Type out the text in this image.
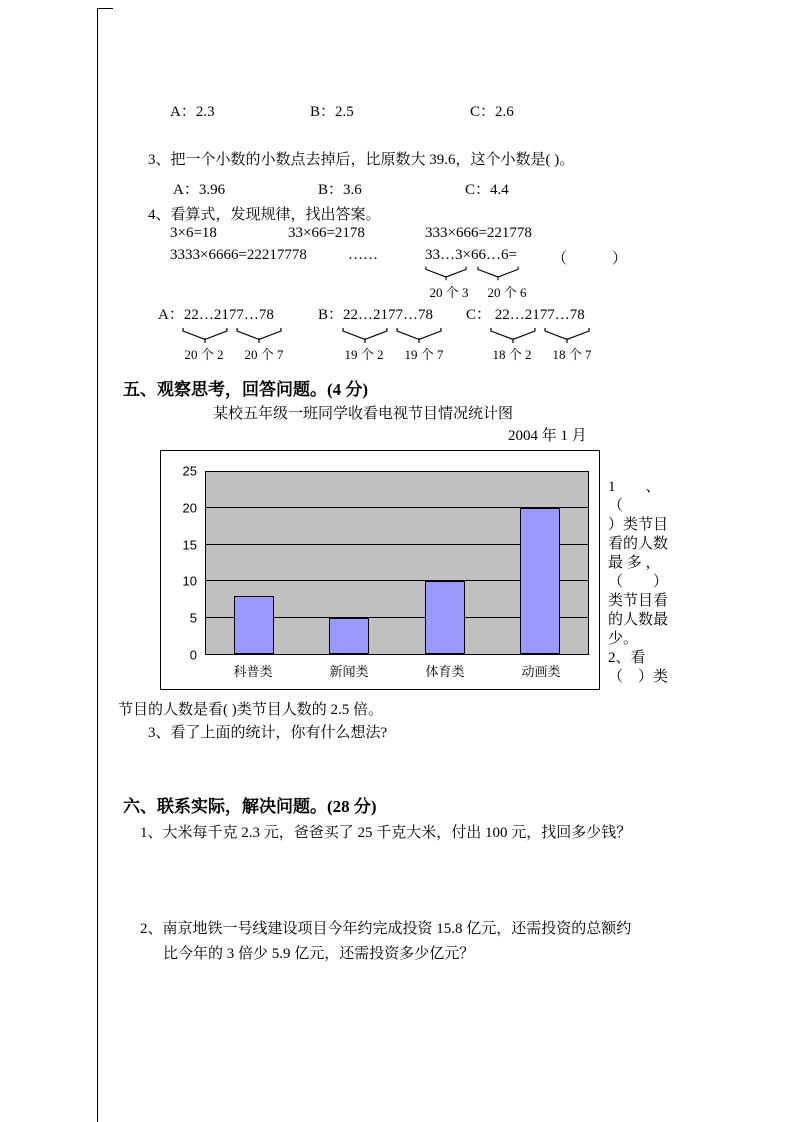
A：2.3	B：2.5	C：2.6
3、把一个小数的小数点去掉后，比原数大 39.6，这个小数是( )。
A：3.96	B：3.6	C：4.4
4、看算式，发现规律，找出答案。
3×6=18	33×66=2178	333×666=221778
3333×6666=22217778	……	33…3×66…6= （　　　）
20 个 3	20 个 6
A：22…2177…78
20 个 2	20 个 7
B：22…2177…78
19 个 2	19 个 7
C： 22…2177…78
18 个 2	18 个 7
五、观察思考，回答问题。(4 分)
某校五年级一班同学收看电视节目情况统计图
2004 年 1 月
0
5
10
15
20
25
科普类	新闻类	体育类	动画类
1　　、
（
）类节目
看的人数
最 多 ，
（　　）
类节目看
的人数最
少。
2、看
（　）类
节目的人数是看( )类节目人数的 2.5 倍。
3、看了上面的统计，你有什么想法?
六、联系实际，解决问题。(28 分)
1、大米每千克 2.3 元，爸爸买了 25 千克大米，付出 100 元，找回多少钱？
2、南京地铁一号线建设项目今年约完成投资 15.8 亿元，还需投资的总额约
比今年的 3 倍少 5.9 亿元，还需投资多少亿元？
